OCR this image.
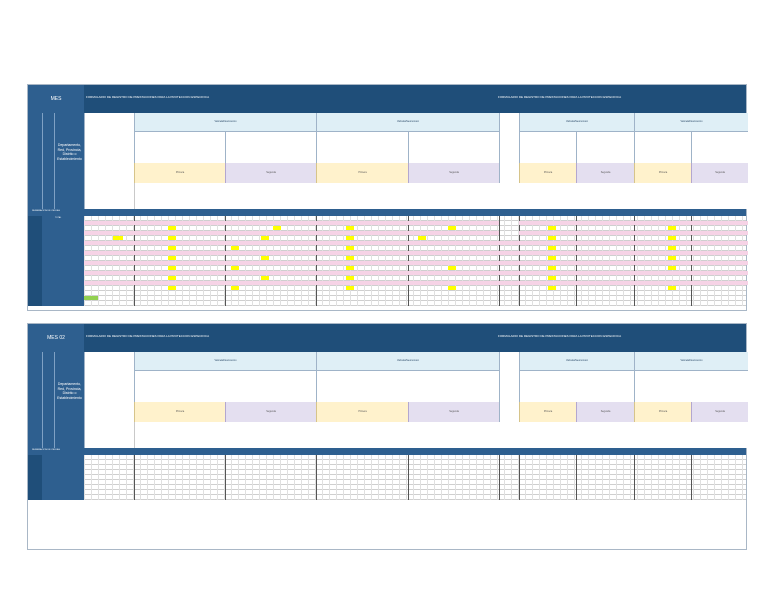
MES	FORMULARIO DE REGISTRO DE PRESTACIONES PARA LA PROTECCION ESPECIFICA	FORMULARIO DE REGISTRO DE PRESTACIONES PARA LA PROTECCION ESPECIFICA
Departamento, Red, Provincia, Distrito o Establecimiento
Varicela/Neumococo	Varicela/Neumococo	Varicela/Neumococo	Varicela/Neumococo
Primera	Segunda	Primera	Segunda	Primera	Segunda	Primera	Segunda
NUMERACION DE CELDAS
TOTAL
MES 02	FORMULARIO DE REGISTRO DE PRESTACIONES PARA LA PROTECCION ESPECIFICA	FORMULARIO DE REGISTRO DE PRESTACIONES PARA LA PROTECCION ESPECIFICA
Departamento, Red, Provincia, Distrito o Establecimiento
Varicela/Neumococo	Varicela/Neumococo	Varicela/Neumococo	Varicela/Neumococo
Primera	Segunda	Primera	Segunda	Primera	Segunda	Primera	Segunda
NUMERACION DE CELDAS
